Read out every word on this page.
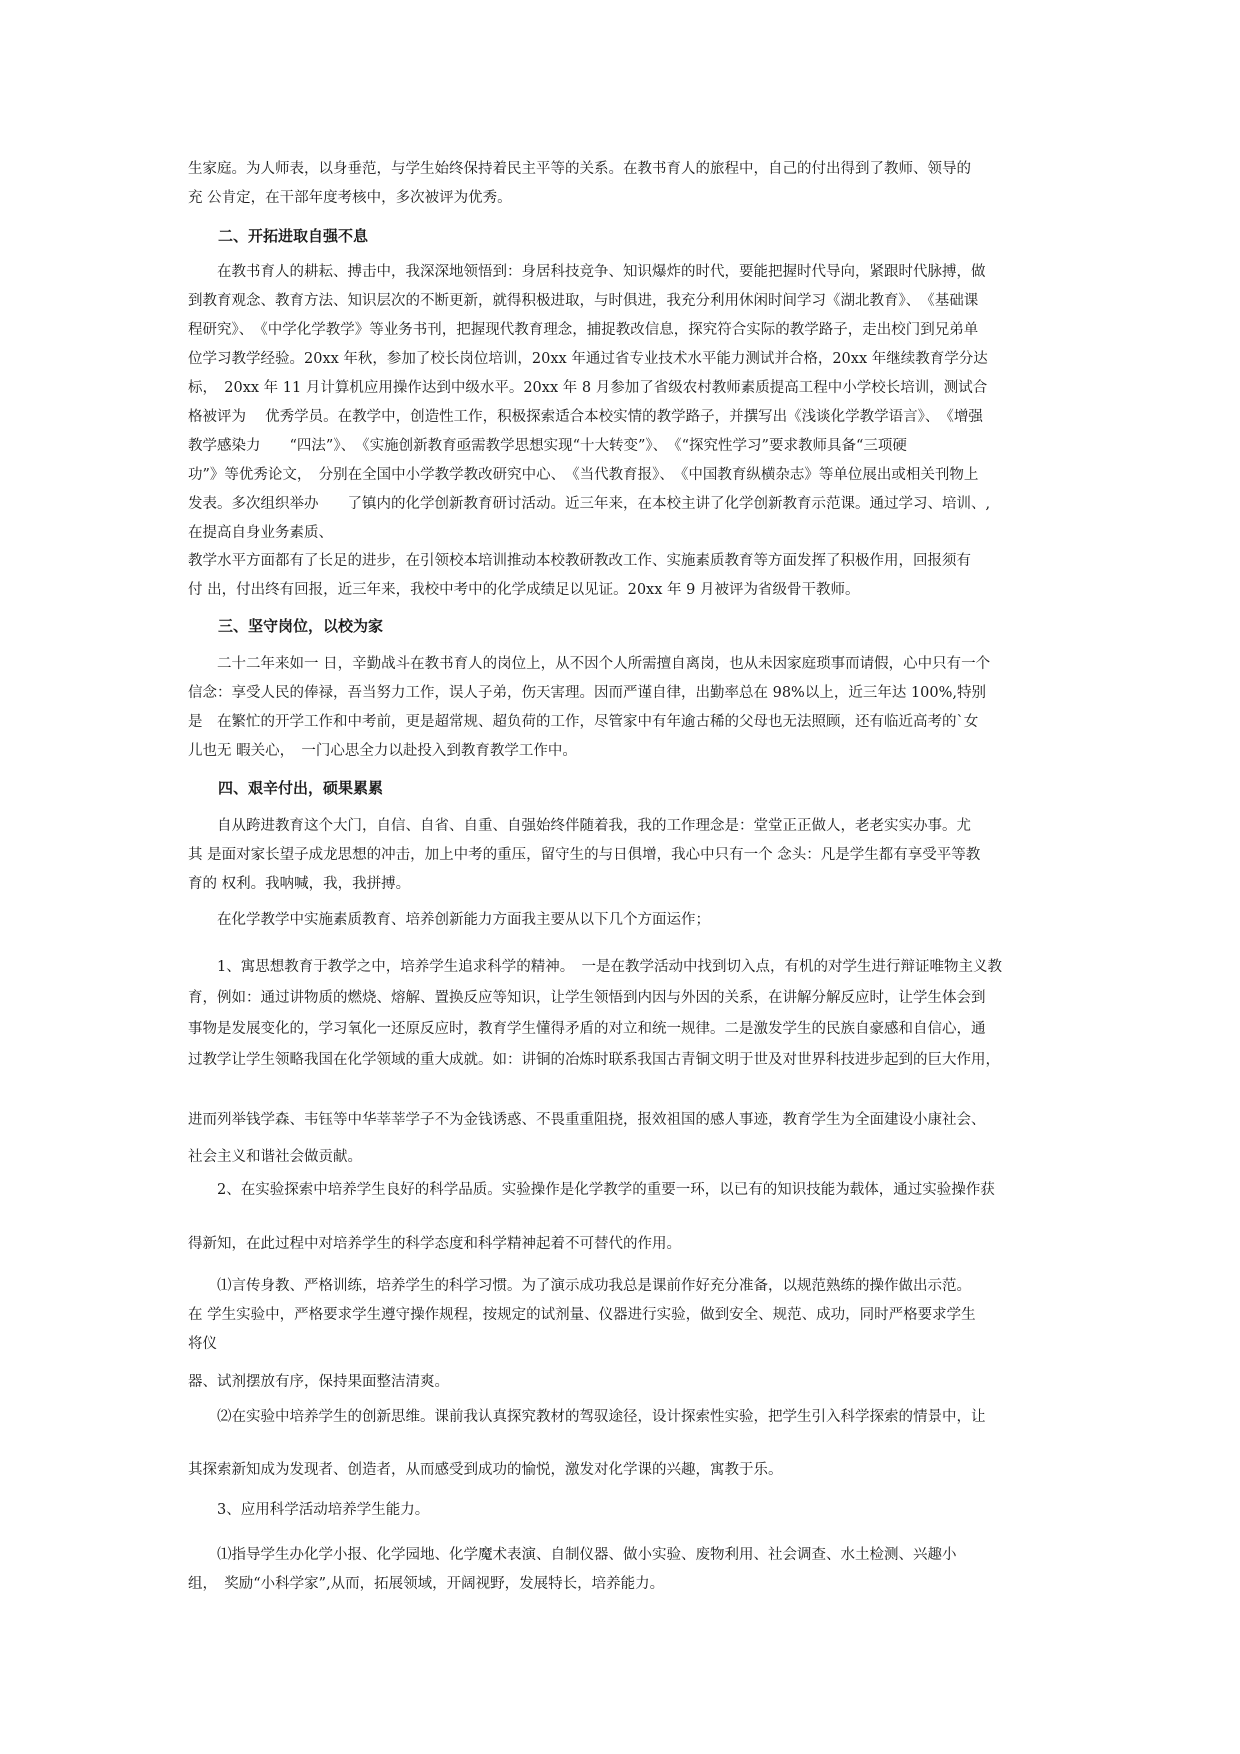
生家庭。为人师表，以身垂范，与学生始终保持着民主平等的关系。在教书育人的旅程中，自己的付出得到了教师、领导的
充 公肯定，在干部年度考核中，多次被评为优秀。
二、开拓进取自强不息
　　在教书育人的耕耘、搏击中，我深深地领悟到：身居科技竞争、知识爆炸的时代，要能把握时代导向，紧跟时代脉搏，做
到教育观念、教育方法、知识层次的不断更新，就得积极进取，与时俱进，我充分利用休闲时间学习《湖北教育》、　《基础课
程研究》、　《中学化学教学》等业务书刊，把握现代教育理念，捕捉教改信息，探究符合实际的教学路子，走出校门到兄弟单
位学习教学经验。20xx 年秋，参加了校长岗位培训，20xx 年通过省专业技术水平能力测试并合格，20xx 年继续教育学分达
标，　20xx 年 11 月计算机应用操作达到中级水平。20xx 年 8 月参加了省级农村教师素质提高工程中小学校长培训，测试合
格被评为　 优秀学员。在教学中，创造性工作，积极探索适合本校实情的教学路子，并撰写出《浅谈化学教学语言》、　《增强
教学感染力　　“四法”》、　《实施创新教育亟需教学思想实现“十大转变”》、　《“探究性学习”要求教师具备“三项硬
功”》等优秀论文，　分别在全国中小学教学教改研究中心、　《当代教育报》、　《中国教育纵横杂志》等单位展出或相关刊物上
发表。多次组织举办　　了镇内的化学创新教育研讨活动。近三年来，在本校主讲了化学创新教育示范课。通过学习、培训、,
在提高自身业务素质、
教学水平方面都有了长足的进步，在引领校本培训推动本校教研教改工作、实施素质教育等方面发挥了积极作用，回报须有
付 出，付出终有回报，近三年来，我校中考中的化学成绩足以见证。20xx 年 9 月被评为省级骨干教师。
三、坚守岗位，以校为家
　　二十二年来如一 日，辛勤战斗在教书育人的岗位上，从不因个人所需擅自离岗，也从未因家庭琐事而请假，心中只有一个
信念：享受人民的俸禄，吾当努力工作，误人子弟，伤天害理。因而严谨自律，出勤率总在 98%以上，近三年达 100%,特别
是　在繁忙的开学工作和中考前，更是超常规、超负荷的工作，尽管家中有年逾古稀的父母也无法照顾，还有临近高考的`女
儿也无 暇关心，　一门心思全力以赴投入到教育教学工作中。
四、艰辛付出，硕果累累
　　自从跨进教育这个大门，自信、自省、自重、自强始终伴随着我，我的工作理念是：堂堂正正做人，老老实实办事。尤
其 是面对家长望子成龙思想的冲击，加上中考的重压，留守生的与日俱增，我心中只有一个 念头：凡是学生都有享受平等教
育的 权利。我呐喊，我，我拼搏。
　　在化学教学中实施素质教育、培养创新能力方面我主要从以下几个方面运作；
　　1、寓思想教育于教学之中，培养学生追求科学的精神。　一是在教学活动中找到切入点，有机的对学生进行辩证唯物主义教
育，例如：通过讲物质的燃烧、熔解、置换反应等知识，让学生领悟到内因与外因的关系，在讲解分解反应时，让学生体会到
事物是发展变化的，学习氧化一还原反应时，教育学生懂得矛盾的对立和统一规律。二是激发学生的民族自豪感和自信心，通
过教学让学生领略我国在化学领域的重大成就。如：讲铜的冶炼时联系我国古青铜文明于世及对世界科技进步起到的巨大作用，
进而列举钱学森、韦钰等中华莘莘学子不为金钱诱惑、不畏重重阻挠，报效祖国的感人事迹，教育学生为全面建设小康社会、
社会主义和谐社会做贡献。
　　2、在实验探索中培养学生良好的科学品质。实验操作是化学教学的重要一环，以已有的知识技能为载体，通过实验操作获
得新知，在此过程中对培养学生的科学态度和科学精神起着不可替代的作用。
　　⑴言传身教、严格训练，培养学生的科学习惯。为了演示成功我总是课前作好充分准备，以规范熟练的操作做出示范。
在 学生实验中，严格要求学生遵守操作规程，按规定的试剂量、仪器进行实验，做到安全、规范、成功，同时严格要求学生
将仪
器、试剂摆放有序，保持果面整洁清爽。
　　⑵在实验中培养学生的创新思维。课前我认真探究教材的驾驭途径，设计探索性实验，把学生引入科学探索的情景中，让
其探索新知成为发现者、创造者，从而感受到成功的愉悦，激发对化学课的兴趣，寓教于乐。
　　3、应用科学活动培养学生能力。
　　⑴指导学生办化学小报、化学园地、化学魔术表演、自制仪器、做小实验、废物利用、社会调查、水土检测、兴趣小
组，　奖励“小科学家”,从而，拓展领域，开阔视野，发展特长，培养能力。
